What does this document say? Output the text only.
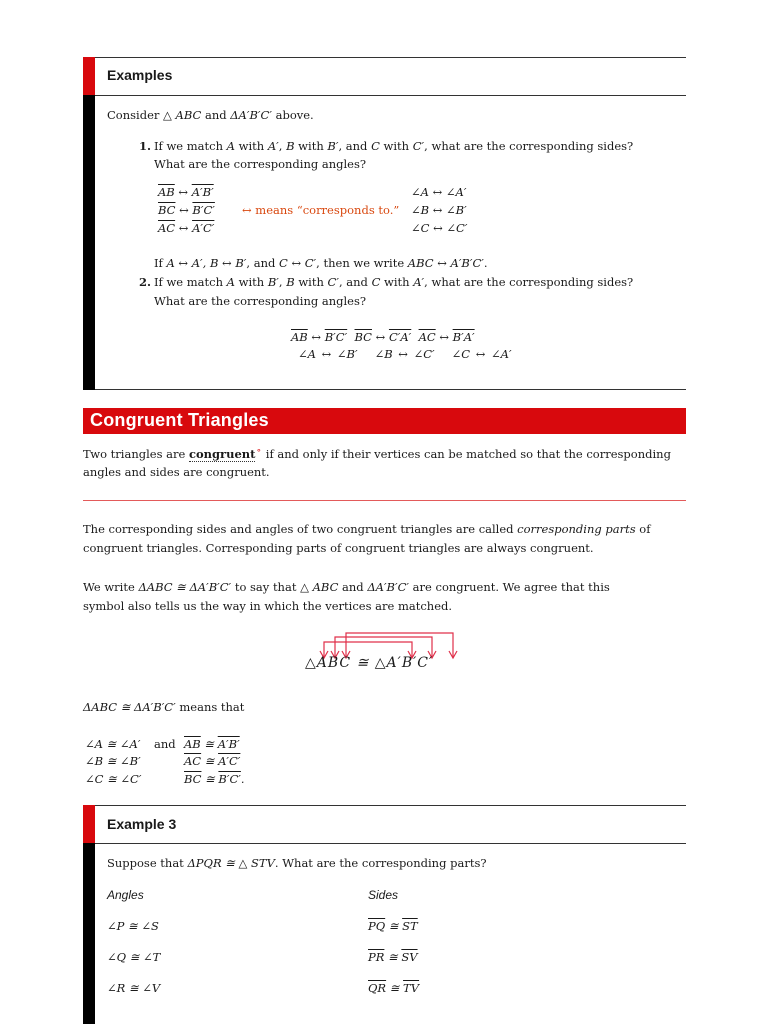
Examples
Consider △ ABC and ΔA′B′C′ above.
1. If we match A with A′, B with B′, and C with C′, what are the corresponding sides?
What are the corresponding angles?
$\overline{AB}$ ↔ A′B′
$\overline{BC}$ ↔ B′C′
$\overline{AC}$ ↔ A′C′
↔ means “corresponds to.”
∠A ↔ ∠A′
∠B ↔ ∠B′
∠C ↔ ∠C′
If A ↔ A′, B ↔ B′, and C ↔ C′, then we write ABC ↔ A′B′C′.
2. If we match A with B′, B with C′, and C with A′, what are the corresponding sides?
What are the corresponding angles?
$\overline{AB}$ ↔ B′C′ $\overline{BC}$ ↔ C′A′ $\overline{AC}$ ↔ B′A′
∠A ↔ ∠B′ ∠B ↔ ∠C′ ∠C ↔ ∠A′
Congruent Triangles
Two triangles are congruent⚬ if and only if their vertices can be matched so that the corresponding
angles and sides are congruent.
The corresponding sides and angles of two congruent triangles are called corresponding parts of
congruent triangles. Corresponding parts of congruent triangles are always congruent.
We write ΔABC ≅ ΔA′B′C′ to say that △ ABC and ΔA′B′C′ are congruent. We agree that this
symbol also tells us the way in which the vertices are matched.
△ABC ≅ △A′B′C′
ΔABC ≅ ΔA′B′C′ means that
∠A ≅ ∠A′
∠B ≅ ∠B′
∠C ≅ ∠C′
and $\overline{AB}$ ≅ A′B′
$\overline{AC}$ ≅ A′C′
$\overline{BC}$ ≅ B′C′.
Example 3
Suppose that ΔPQR ≅ △ STV. What are the corresponding parts?
Angles	Sides
∠P ≅ ∠S
∠Q ≅ ∠T
∠R ≅ ∠V
$\overline{PQ}$ ≅ $\overline{ST}$
$\overline{PR}$ ≅ $\overline{SV}$
$\overline{QR}$ ≅ $\overline{TV}$
